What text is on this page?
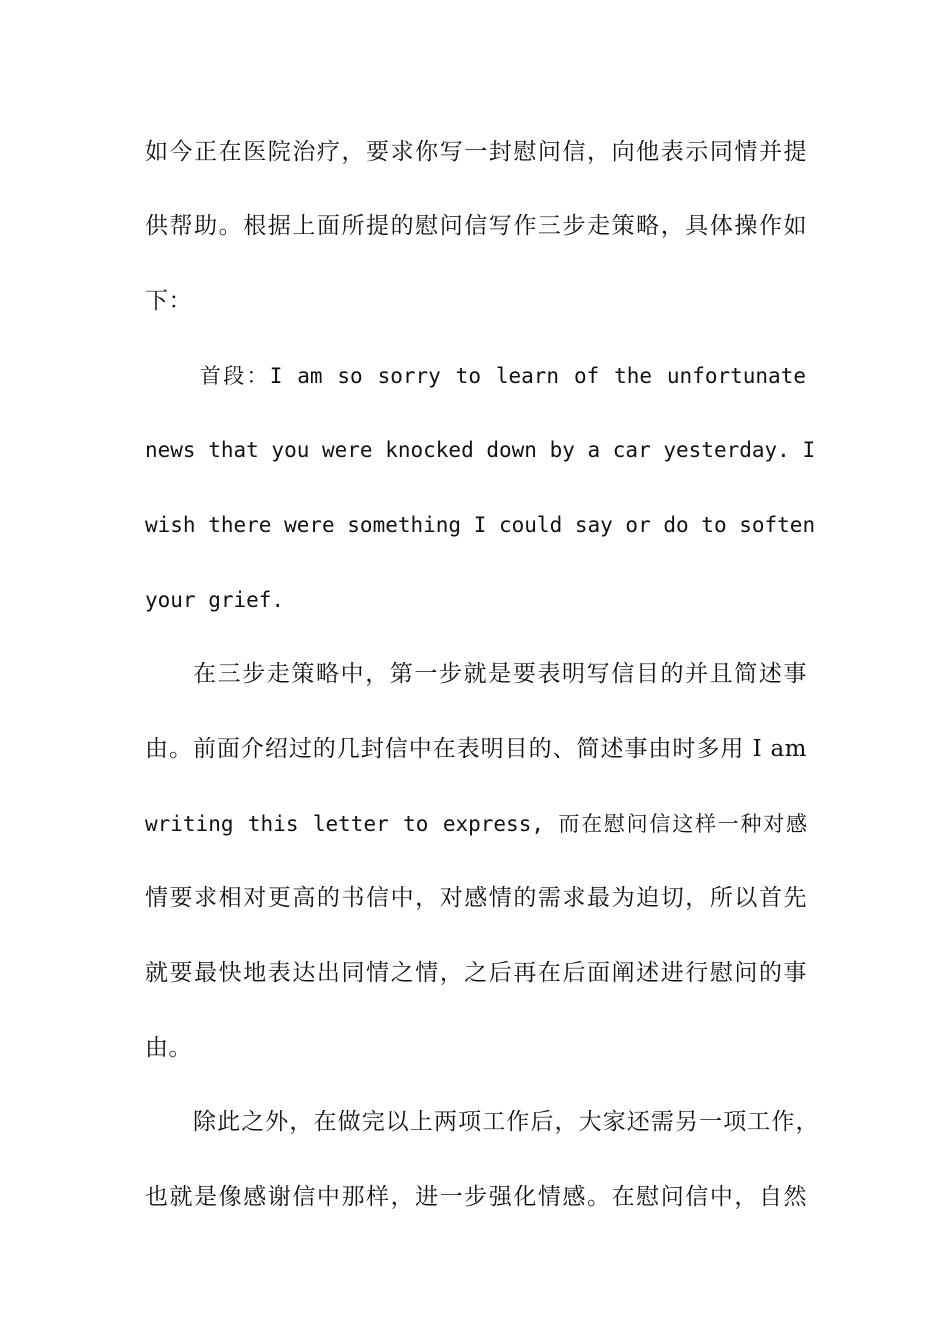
如今正在医院治疗，要求你写一封慰问信，向他表示同情并提
供帮助。根据上面所提的慰问信写作三步走策略，具体操作如
下：
首段：I am so sorry to learn of the unfortunate
news that you were knocked down by a car yesterday. I
wish there were something I could say or do to soften
your grief.
在三步走策略中，第一步就是要表明写信目的并且简述事
由。前面介绍过的几封信中在表明目的、简述事由时多用 I am
writing this letter to express, 而在慰问信这样一种对感
情要求相对更高的书信中，对感情的需求最为迫切，所以首先
就要最快地表达出同情之情，之后再在后面阐述进行慰问的事
由。
除此之外，在做完以上两项工作后，大家还需另一项工作，
也就是像感谢信中那样，进一步强化情感。在慰问信中，自然
